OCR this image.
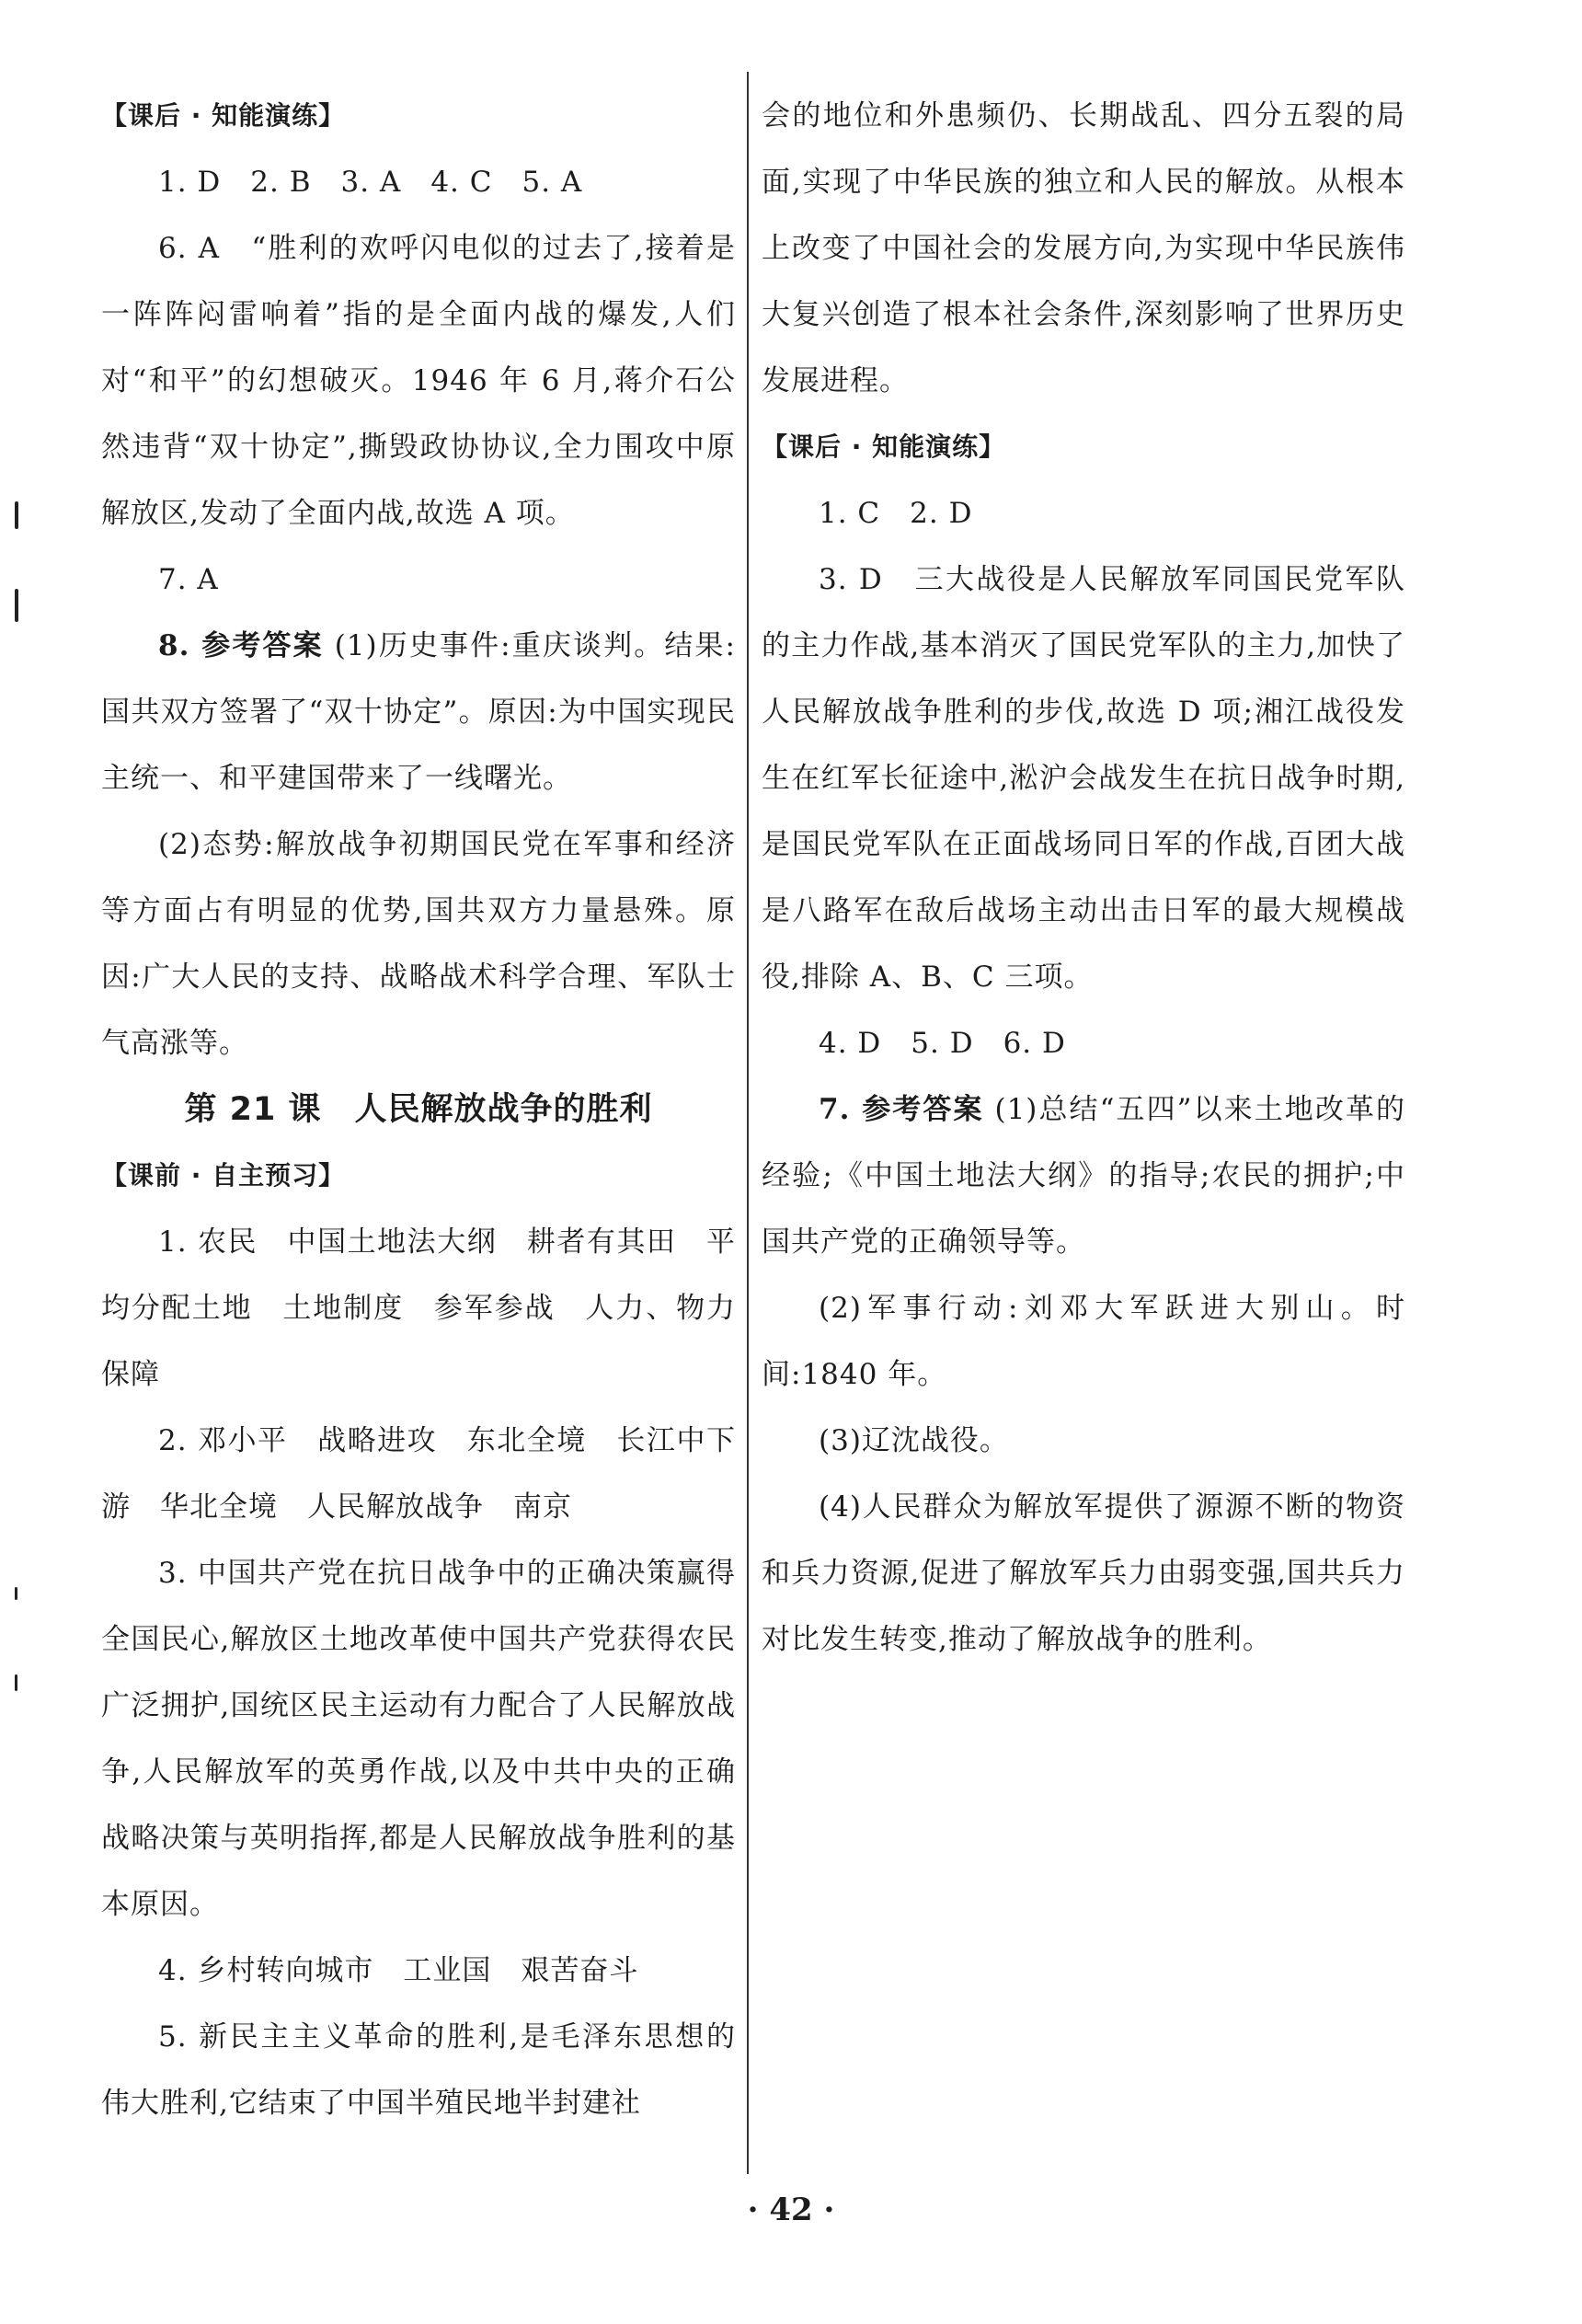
【课后 · 知能演练】

1. D　2. B　3. A　4. C　5. A

6. A　“胜利的欢呼闪电似的过去了,接着是一阵阵闷雷响着”指的是全面内战的爆发,人们对“和平”的幻想破灭。1946 年 6 月,蒋介石公然违背“双十协定”,撕毁政协协议,全力围攻中原解放区,发动了全面内战,故选 A 项。

7. A

8. 参考答案 (1)历史事件:重庆谈判。结果:国共双方签署了“双十协定”。原因:为中国实现民主统一、和平建国带来了一线曙光。

(2)态势:解放战争初期国民党在军事和经济等方面占有明显的优势,国共双方力量悬殊。原因:广大人民的支持、战略战术科学合理、军队士气高涨等。

第 21 课　人民解放战争的胜利

【课前 · 自主预习】

1. 农民　中国土地法大纲　耕者有其田　平均分配土地　土地制度　参军参战　人力、物力保障

2. 邓小平　战略进攻　东北全境　长江中下游　华北全境　人民解放战争　南京

3. 中国共产党在抗日战争中的正确决策赢得全国民心,解放区土地改革使中国共产党获得农民广泛拥护,国统区民主运动有力配合了人民解放战争,人民解放军的英勇作战,以及中共中央的正确战略决策与英明指挥,都是人民解放战争胜利的基本原因。

4. 乡村转向城市　工业国　艰苦奋斗

5. 新民主主义革命的胜利,是毛泽东思想的伟大胜利,它结束了中国半殖民地半封建社

会的地位和外患频仍、长期战乱、四分五裂的局面,实现了中华民族的独立和人民的解放。从根本上改变了中国社会的发展方向,为实现中华民族伟大复兴创造了根本社会条件,深刻影响了世界历史发展进程。

【课后 · 知能演练】

1. C　2. D

3. D　三大战役是人民解放军同国民党军队的主力作战,基本消灭了国民党军队的主力,加快了人民解放战争胜利的步伐,故选 D 项;湘江战役发生在红军长征途中,淞沪会战发生在抗日战争时期,是国民党军队在正面战场同日军的作战,百团大战是八路军在敌后战场主动出击日军的最大规模战役,排除 A、B、C 三项。

4. D　5. D　6. D

7. 参考答案 (1)总结“五四”以来土地改革的经验;《中国土地法大纲》的指导;农民的拥护;中国共产党的正确领导等。

(2)军事行动:刘邓大军跃进大别山。时间:1840 年。

(3)辽沈战役。

(4)人民群众为解放军提供了源源不断的物资和兵力资源,促进了解放军兵力由弱变强,国共兵力对比发生转变,推动了解放战争的胜利。

· 42 ·
